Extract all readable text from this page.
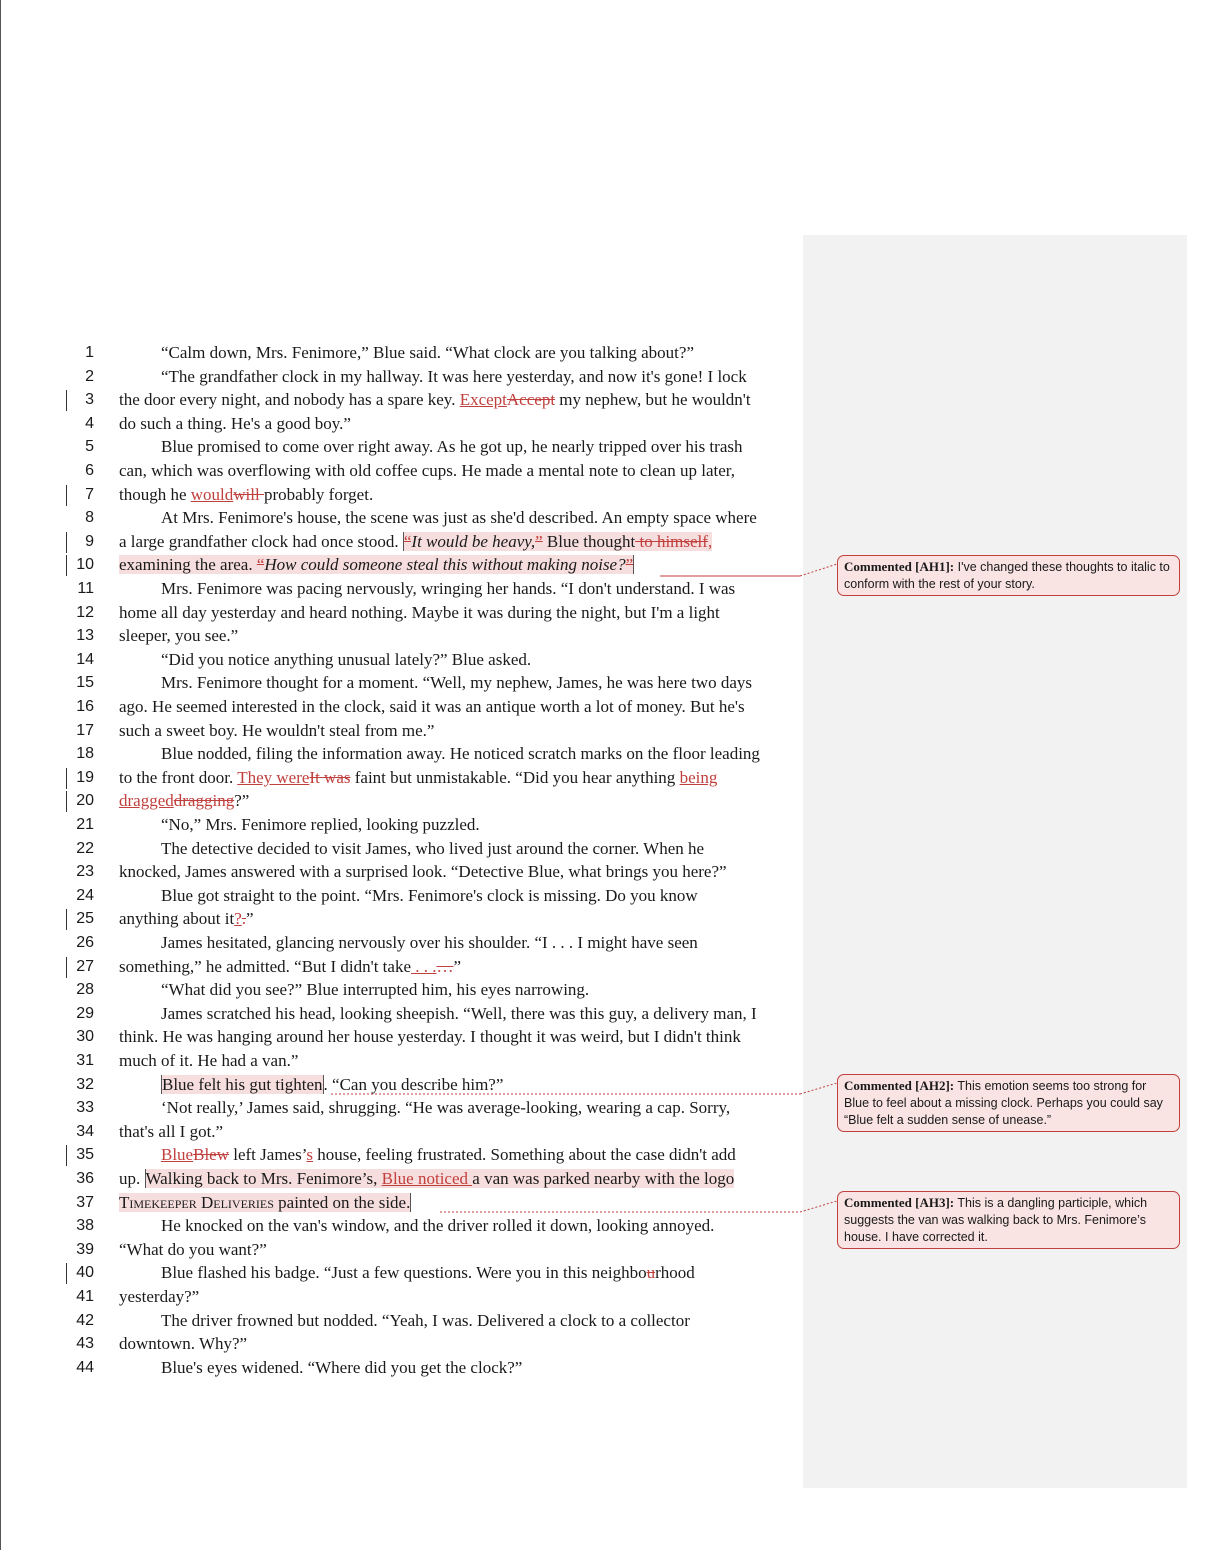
1	“Calm down, Mrs. Fenimore,” Blue said. “What clock are you talking about?”
2	“The grandfather clock in my hallway. It was here yesterday, and now it's gone! I lock
3 the door every night, and nobody has a spare key. ExceptAccept my nephew, but he wouldn't
4 do such a thing. He's a good boy.”
5	Blue promised to come over right away. As he got up, he nearly tripped over his trash
6 can, which was overflowing with old coffee cups. He made a mental note to clean up later,
7 though he wouldwill probably forget.
8	At Mrs. Fenimore's house, the scene was just as she'd described. An empty space where
9 a large grandfather clock had once stood. “It would be heavy,” Blue thought to himself,
10 examining the area. “How could someone steal this without making noise?”
11	Mrs. Fenimore was pacing nervously, wringing her hands. “I don't understand. I was
12 home all day yesterday and heard nothing. Maybe it was during the night, but I'm a light
13 sleeper, you see.”
14	“Did you notice anything unusual lately?” Blue asked.
15	Mrs. Fenimore thought for a moment. “Well, my nephew, James, he was here two days
16 ago. He seemed interested in the clock, said it was an antique worth a lot of money. But he's
17 such a sweet boy. He wouldn't steal from me.”
18	Blue nodded, filing the information away. He noticed scratch marks on the floor leading
19 to the front door. They wereIt was faint but unmistakable. “Did you hear anything being
20 draggeddragging?”
21	“No,” Mrs. Fenimore replied, looking puzzled.
22	The detective decided to visit James, who lived just around the corner. When he
23 knocked, James answered with a surprised look. “Detective Blue, what brings you here?”
24	Blue got straight to the point. “Mrs. Fenimore's clock is missing. Do you know
25 anything about it?.”
26	James hesitated, glancing nervously over his shoulder. “I . . . I might have seen
27 something,” he admitted. “But I didn't take . . .…”
28	“What did you see?” Blue interrupted him, his eyes narrowing.
29	James scratched his head, looking sheepish. “Well, there was this guy, a delivery man, I
30 think. He was hanging around her house yesterday. I thought it was weird, but I didn't think
31 much of it. He had a van.”
32	Blue felt his gut tighten. “Can you describe him?”
33	‘Not really,’ James said, shrugging. “He was average-looking, wearing a cap. Sorry,
34 that's all I got.”
35	BlueBlew left James’s house, feeling frustrated. Something about the case didn't add
36 up. Walking back to Mrs. Fenimore’s, Blue noticed a van was parked nearby with the logo
37 Timekeeper Deliveries painted on the side.
38	He knocked on the van's window, and the driver rolled it down, looking annoyed.
39 “What do you want?”
40	Blue flashed his badge. “Just a few questions. Were you in this neighbourhood
41 yesterday?”
42	The driver frowned but nodded. “Yeah, I was. Delivered a clock to a collector
43 downtown. Why?”
44	Blue's eyes widened. “Where did you get the clock?”
Commented [AH1]: I've changed these thoughts to italic to conform with the rest of your story.
Commented [AH2]: This emotion seems too strong for Blue to feel about a missing clock. Perhaps you could say “Blue felt a sudden sense of unease.”
Commented [AH3]: This is a dangling participle, which suggests the van was walking back to Mrs. Fenimore’s house. I have corrected it.
